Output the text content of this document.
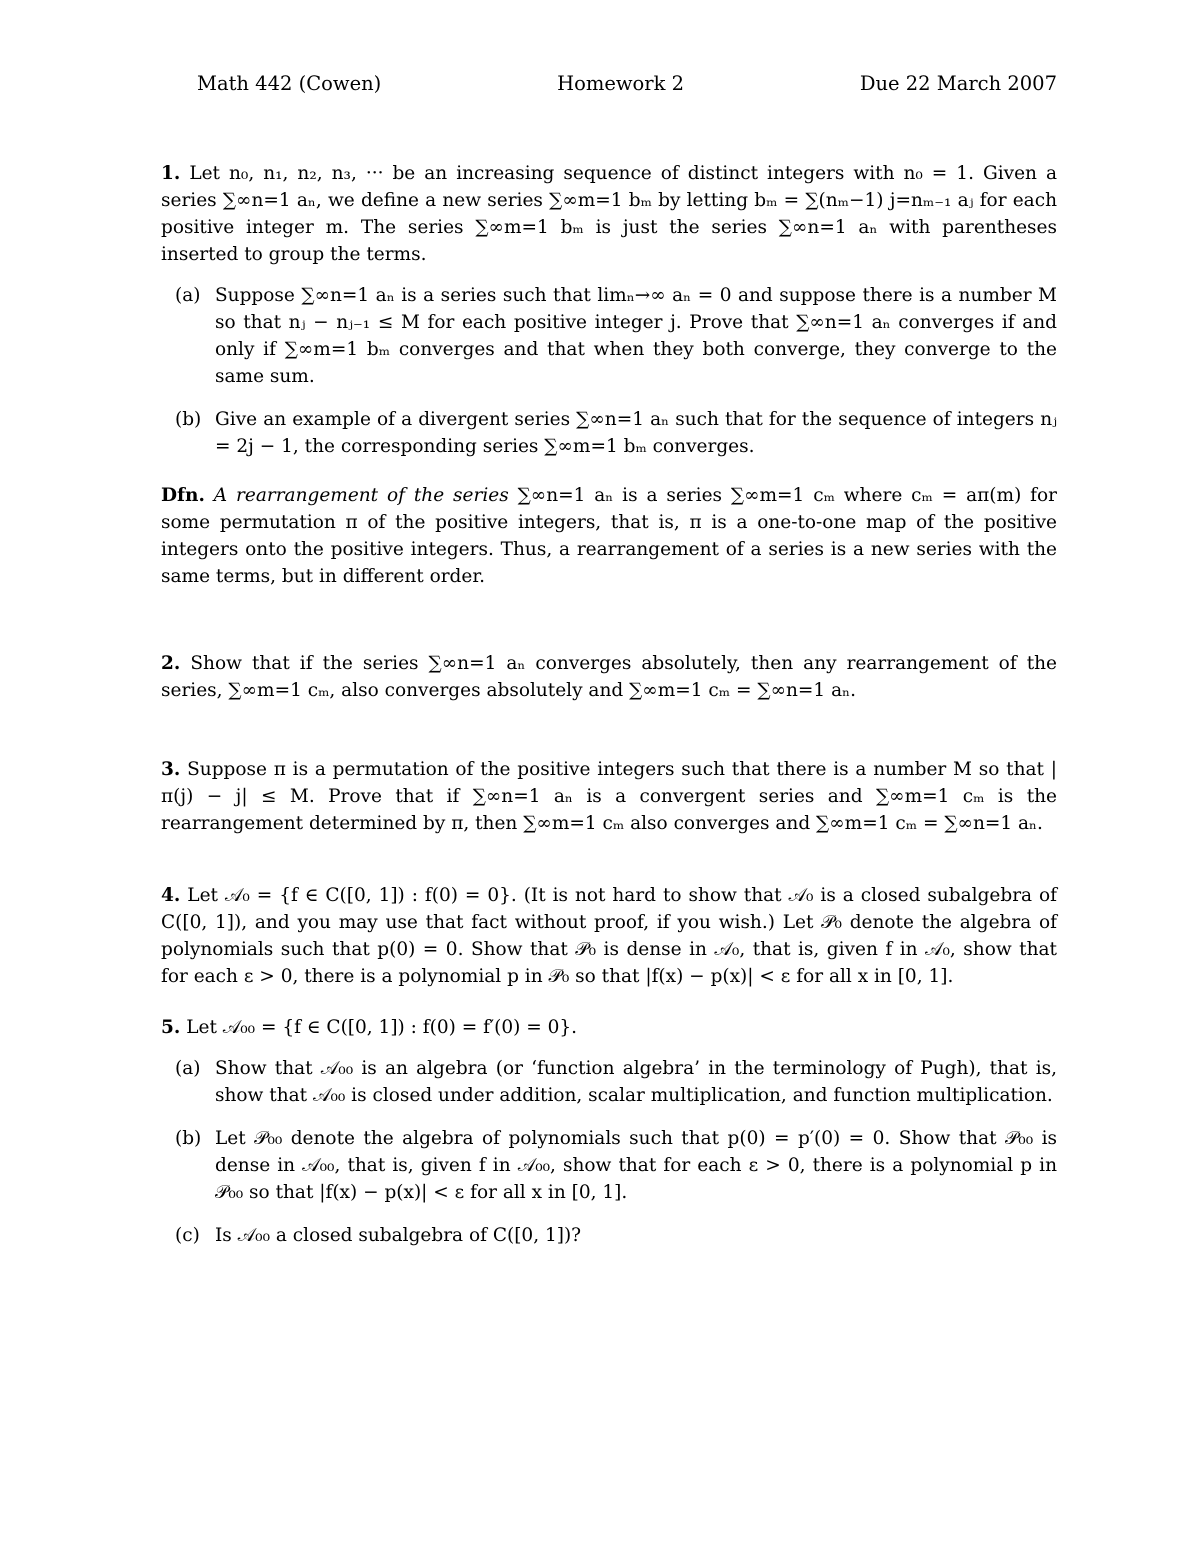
Math 442 (Cowen)	Homework 2	Due 22 March 2007

1. Let n₀, n₁, n₂, n₃, ··· be an increasing sequence of distinct integers with n₀ = 1. Given a series ∑∞n=1 aₙ, we define a new series ∑∞m=1 bₘ by letting bₘ = ∑(nₘ−1) j=nₘ₋₁ aⱼ for each positive integer m. The series ∑∞m=1 bₘ is just the series ∑∞n=1 aₙ with parentheses inserted to group the terms.

(a) Suppose ∑∞n=1 aₙ is a series such that limₙ→∞ aₙ = 0 and suppose there is a number M so that nⱼ − nⱼ₋₁ ≤ M for each positive integer j. Prove that ∑∞n=1 aₙ converges if and only if ∑∞m=1 bₘ converges and that when they both converge, they converge to the same sum.
(b) Give an example of a divergent series ∑∞n=1 aₙ such that for the sequence of integers nⱼ = 2j − 1, the corresponding series ∑∞m=1 bₘ converges.

Dfn. A rearrangement of the series ∑∞n=1 aₙ is a series ∑∞m=1 cₘ where cₘ = aπ(m) for some permutation π of the positive integers, that is, π is a one-to-one map of the positive integers onto the positive integers. Thus, a rearrangement of a series is a new series with the same terms, but in different order.

2. Show that if the series ∑∞n=1 aₙ converges absolutely, then any rearrangement of the series, ∑∞m=1 cₘ, also converges absolutely and ∑∞m=1 cₘ = ∑∞n=1 aₙ.

3. Suppose π is a permutation of the positive integers such that there is a number M so that |π(j) − j| ≤ M. Prove that if ∑∞n=1 aₙ is a convergent series and ∑∞m=1 cₘ is the rearrangement determined by π, then ∑∞m=1 cₘ also converges and ∑∞m=1 cₘ = ∑∞n=1 aₙ.

4. Let 𝒜₀ = {f ∈ C([0, 1]) : f(0) = 0}. (It is not hard to show that 𝒜₀ is a closed subalgebra of C([0, 1]), and you may use that fact without proof, if you wish.) Let 𝒫₀ denote the algebra of polynomials such that p(0) = 0. Show that 𝒫₀ is dense in 𝒜₀, that is, given f in 𝒜₀, show that for each ε > 0, there is a polynomial p in 𝒫₀ so that |f(x) − p(x)| < ε for all x in [0, 1].

5. Let 𝒜₀₀ = {f ∈ C([0, 1]) : f(0) = f′(0) = 0}.

(a) Show that 𝒜₀₀ is an algebra (or ‘function algebra’ in the terminology of Pugh), that is, show that 𝒜₀₀ is closed under addition, scalar multiplication, and function multiplication.
(b) Let 𝒫₀₀ denote the algebra of polynomials such that p(0) = p′(0) = 0. Show that 𝒫₀₀ is dense in 𝒜₀₀, that is, given f in 𝒜₀₀, show that for each ε > 0, there is a polynomial p in 𝒫₀₀ so that |f(x) − p(x)| < ε for all x in [0, 1].
(c) Is 𝒜₀₀ a closed subalgebra of C([0, 1])?
